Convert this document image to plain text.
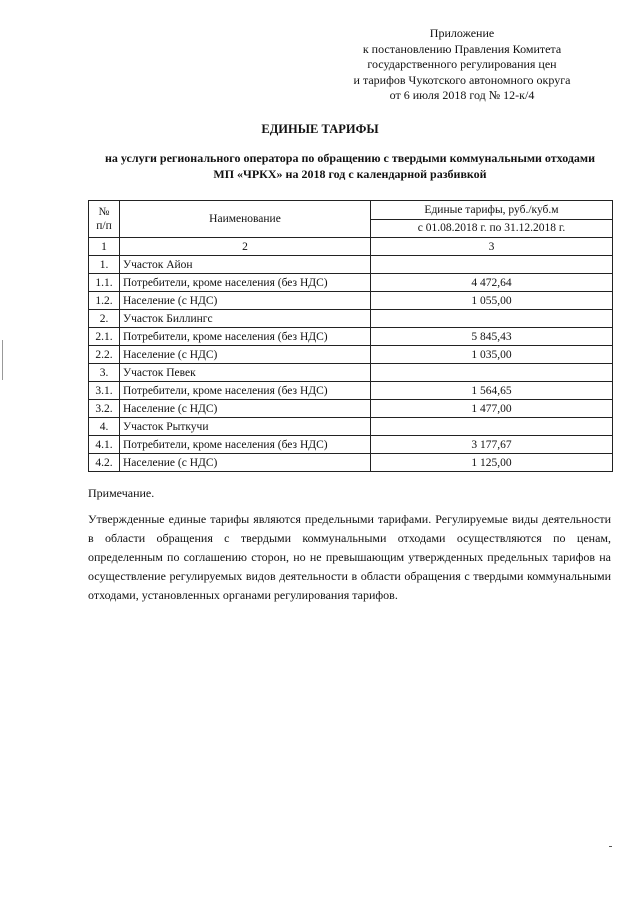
Приложение
к постановлению Правления Комитета
государственного регулирования цен
и тарифов Чукотского автономного округа
от 6 июля 2018 год № 12-к/4
ЕДИНЫЕ ТАРИФЫ
на услуги регионального оператора по обращению с твердыми коммунальными отходами
МП «ЧРКХ» на 2018 год с календарной разбивкой
№
п/п	Наименование	Единые тарифы, руб./куб.м
		с 01.08.2018 г. по 31.12.2018 г.
1	2	3
1.	Участок Айон	
1.1.	Потребители, кроме населения (без НДС)	4 472,64
1.2.	Население (с НДС)	1 055,00
2.	Участок Биллингс	
2.1.	Потребители, кроме населения (без НДС)	5 845,43
2.2.	Население (с НДС)	1 035,00
3.	Участок Певек	
3.1.	Потребители, кроме населения (без НДС)	1 564,65
3.2.	Население (с НДС)	1 477,00
4.	Участок Рыткучи	
4.1.	Потребители, кроме населения (без НДС)	3 177,67
4.2.	Население (с НДС)	1 125,00
Примечание.
Утвержденные единые тарифы являются предельными тарифами. Регулируемые виды деятельности в области обращения с твердыми коммунальными отходами осуществляются по ценам, определенным по соглашению сторон, но не превышающим утвержденных предельных тарифов на осуществление регулируемых видов деятельности в области обращения с твердыми коммунальными отходами, установленных органами регулирования тарифов.
